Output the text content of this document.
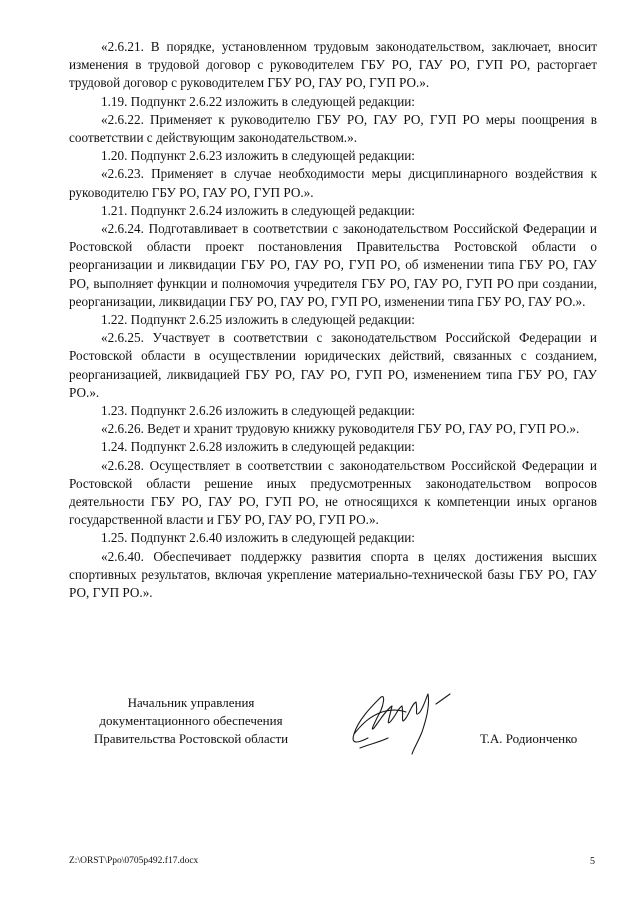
«2.6.21. В порядке, установленном трудовым законодательством, заключает, вносит изменения в трудовой договор с руководителем ГБУ РО, ГАУ РО, ГУП РО, расторгает трудовой договор с руководителем ГБУ РО, ГАУ РО, ГУП РО.».

1.19. Подпункт 2.6.22 изложить в следующей редакции:

«2.6.22. Применяет к руководителю ГБУ РО, ГАУ РО, ГУП РО меры поощрения в соответствии с действующим законодательством.».

1.20. Подпункт 2.6.23 изложить в следующей редакции:

«2.6.23. Применяет в случае необходимости меры дисциплинарного воздействия к руководителю ГБУ РО, ГАУ РО, ГУП РО.».

1.21. Подпункт 2.6.24 изложить в следующей редакции:

«2.6.24. Подготавливает в соответствии с законодательством Российской Федерации и Ростовской области проект постановления Правительства Ростовской области о реорганизации и ликвидации ГБУ РО, ГАУ РО, ГУП РО, об изменении типа ГБУ РО, ГАУ РО, выполняет функции и полномочия учредителя ГБУ РО, ГАУ РО, ГУП РО при создании, реорганизации, ликвидации ГБУ РО, ГАУ РО, ГУП РО, изменении типа ГБУ РО, ГАУ РО.».

1.22. Подпункт 2.6.25 изложить в следующей редакции:

«2.6.25. Участвует в соответствии с законодательством Российской Федерации и Ростовской области в осуществлении юридических действий, связанных с созданием, реорганизацией, ликвидацией ГБУ РО, ГАУ РО, ГУП РО, изменением типа ГБУ РО, ГАУ РО.».

1.23. Подпункт 2.6.26 изложить в следующей редакции:

«2.6.26. Ведет и хранит трудовую книжку руководителя ГБУ РО, ГАУ РО, ГУП РО.».

1.24. Подпункт 2.6.28 изложить в следующей редакции:

«2.6.28. Осуществляет в соответствии с законодательством Российской Федерации и Ростовской области решение иных предусмотренных законодательством вопросов деятельности ГБУ РО, ГАУ РО, ГУП РО, не относящихся к компетенции иных органов государственной власти и ГБУ РО, ГАУ РО, ГУП РО.».

1.25. Подпункт 2.6.40 изложить в следующей редакции:

«2.6.40. Обеспечивает поддержку развития спорта в целях достижения высших спортивных результатов, включая укрепление материально-технической базы ГБУ РО, ГАУ РО, ГУП РО.».

Начальник управления
документационного обеспечения
Правительства Ростовской области	Т.А. Родионченко
Z:\ORST\Ppo\0705p492.f17.docx	5
